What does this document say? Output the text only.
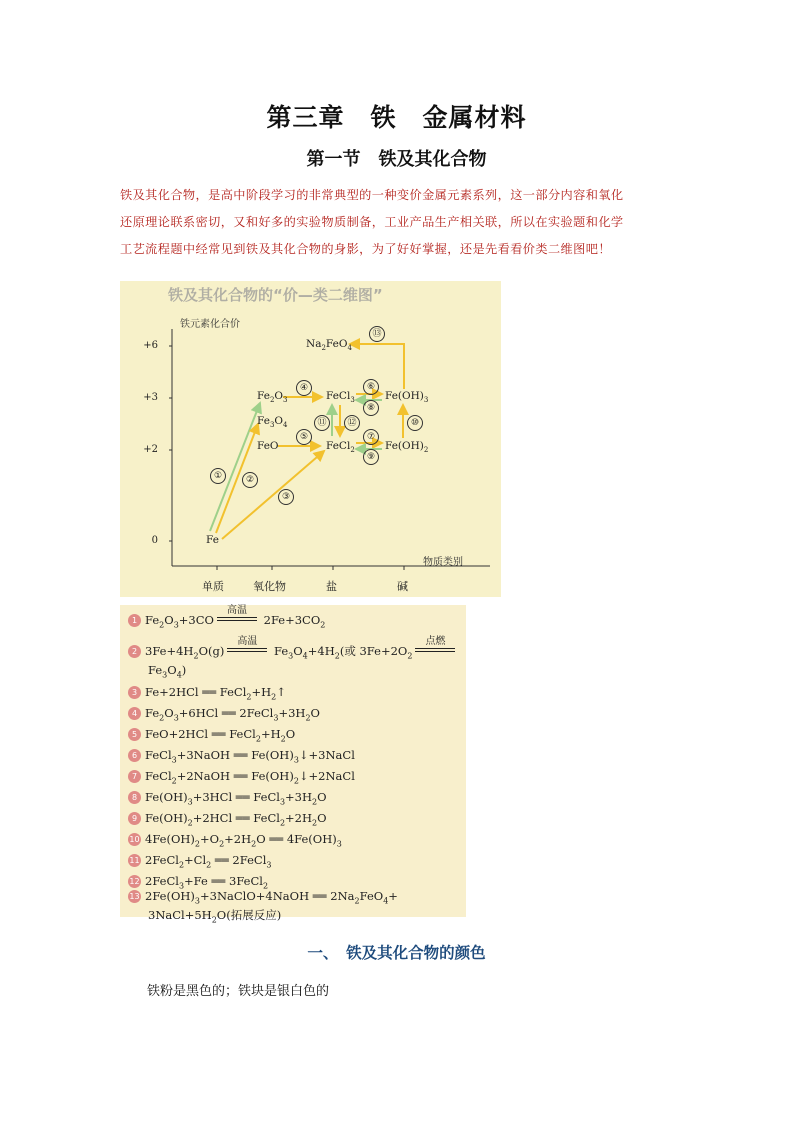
第三章　铁　金属材料
第一节　铁及其化合物
铁及其化合物，是高中阶段学习的非常典型的一种变价金属元素系列，这一部分内容和氧化
还原理论联系密切，又和好多的实验物质制备，工业产品生产相关联，所以在实验题和化学
工艺流程题中经常见到铁及其化合物的身影，为了好好掌握，还是先看看价类二维图吧！
铁及其化合物的“价—类二维图”
铁元素化合价
物质类别
+6
+3
+2
0
单质	氧化物	盐	碱
$Na_2FeO_4$
$Fe_2O_3$
$Fe_3O_4$
FeO
FeCl$_3$
FeCl$_2$
$Fe(OH)_3$
$Fe(OH)_2$
Fe
①	②
③
④
⑤
⑥
⑦
⑧
⑨
⑩
⑪	⑫
⑬
1 $Fe_2O_3+3CO$
高温
$2Fe+3CO_2$
2 $3Fe+4H_2O(g)$
高温
$Fe_3O_4+4H_2$(或 $3Fe+2O_2$
点燃
$Fe_3O_4$)
3 Fe+2HCl ══ $FeCl_2+H_2↑$
4 $Fe_2O_3+6HCl$ ══ $2FeCl_3+3H_2O$
5 FeO+2HCl ══ $FeCl_2+H_2O$
6 FeCl$_3$+3NaOH ══ $Fe(OH)_3↓+3NaCl$
7 FeCl$_2$+2NaOH ══ $Fe(OH)_2↓+2NaCl$
8 $Fe(OH)_3+3HCl$ ══ $FeCl_3+3H_2O$
9 $Fe(OH)_2+2HCl$ ══ $FeCl_2+2H_2O$
10 $4Fe(OH)_2+O_2+2H_2O$ ══ $4Fe(OH)_3$
11 $2FeCl_2+Cl_2$ ══ 2FeCl$_3$
12 2FeCl$_3$+Fe ══ 3FeCl$_2$
13 $2Fe(OH)_3+3NaClO+4NaOH$ ══ $2Na_2FeO_4+$
$3NaCl+5H_2O$(拓展反应)
一、　铁及其化合物的颜色
铁粉是黑色的；铁块是银白色的
